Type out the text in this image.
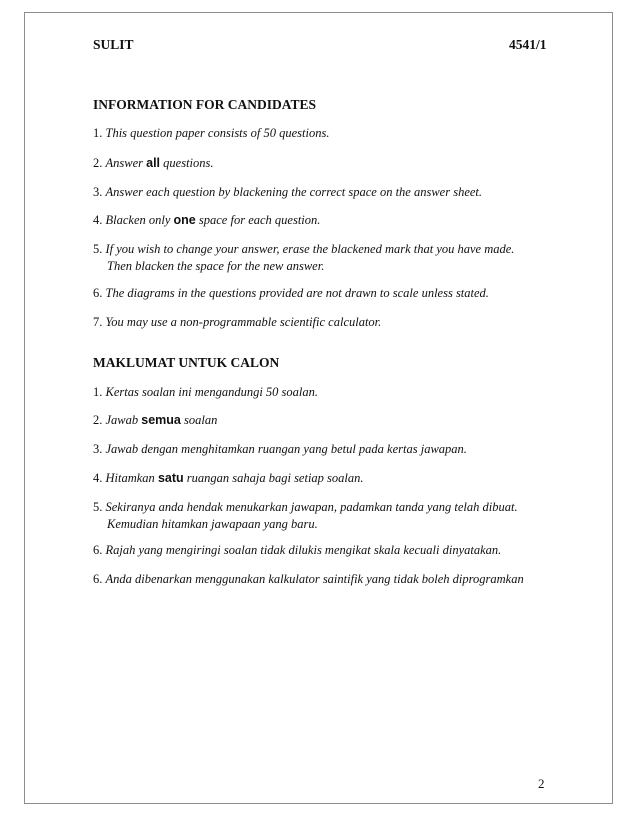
SULIT	4541/1
INFORMATION FOR CANDIDATES
1. This question paper consists of 50 questions.
2. Answer all questions.
3. Answer each question by blackening the correct space on the answer sheet.
4. Blacken only one space for each question.
5. If you wish to change your answer, erase the blackened mark that you have made.
Then blacken the space for the new answer.
6. The diagrams in the questions provided are not drawn to scale unless stated.
7. You may use a non-programmable scientific calculator.
MAKLUMAT UNTUK CALON
1. Kertas soalan ini mengandungi 50 soalan.
2. Jawab semua soalan
3. Jawab dengan menghitamkan ruangan yang betul pada kertas jawapan.
4. Hitamkan satu ruangan sahaja bagi setiap soalan.
5. Sekiranya anda hendak menukarkan jawapan, padamkan tanda yang telah dibuat.
Kemudian hitamkan jawapaan yang baru.
6. Rajah yang mengiringi soalan tidak dilukis mengikat skala kecuali dinyatakan.
6. Anda dibenarkan menggunakan kalkulator saintifik yang tidak boleh diprogramkan
2
